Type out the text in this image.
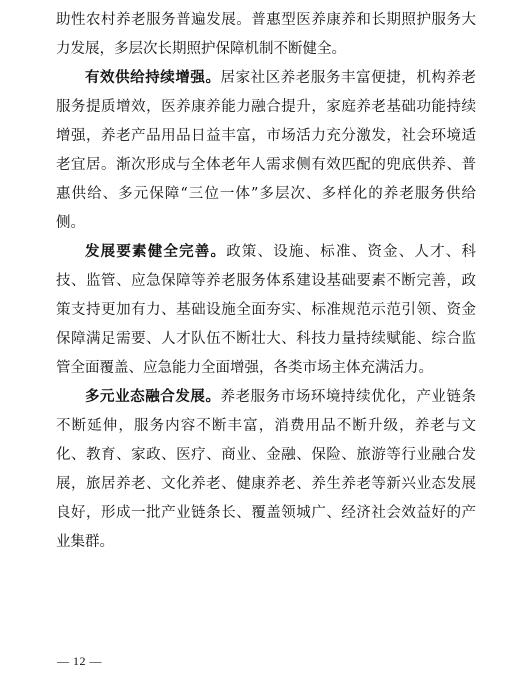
助性农村养老服务普遍发展。普惠型医养康养和长期照护服务大力发展，多层次长期照护保障机制不断健全。

有效供给持续增强。居家社区养老服务丰富便捷，机构养老服务提质增效，医养康养能力融合提升，家庭养老基础功能持续增强，养老产品用品日益丰富，市场活力充分激发，社会环境适老宜居。渐次形成与全体老年人需求侧有效匹配的兜底供养、普惠供给、多元保障“三位一体”多层次、多样化的养老服务供给侧。

发展要素健全完善。政策、设施、标准、资金、人才、科技、监管、应急保障等养老服务体系建设基础要素不断完善，政策支持更加有力、基础设施全面夯实、标准规范示范引领、资金保障满足需要、人才队伍不断壮大、科技力量持续赋能、综合监管全面覆盖、应急能力全面增强，各类市场主体充满活力。

多元业态融合发展。养老服务市场环境持续优化，产业链条不断延伸，服务内容不断丰富，消费用品不断升级，养老与文化、教育、家政、医疗、商业、金融、保险、旅游等行业融合发展，旅居养老、文化养老、健康养老、养生养老等新兴业态发展良好，形成一批产业链条长、覆盖领城广、经济社会效益好的产业集群。

— 12 —
